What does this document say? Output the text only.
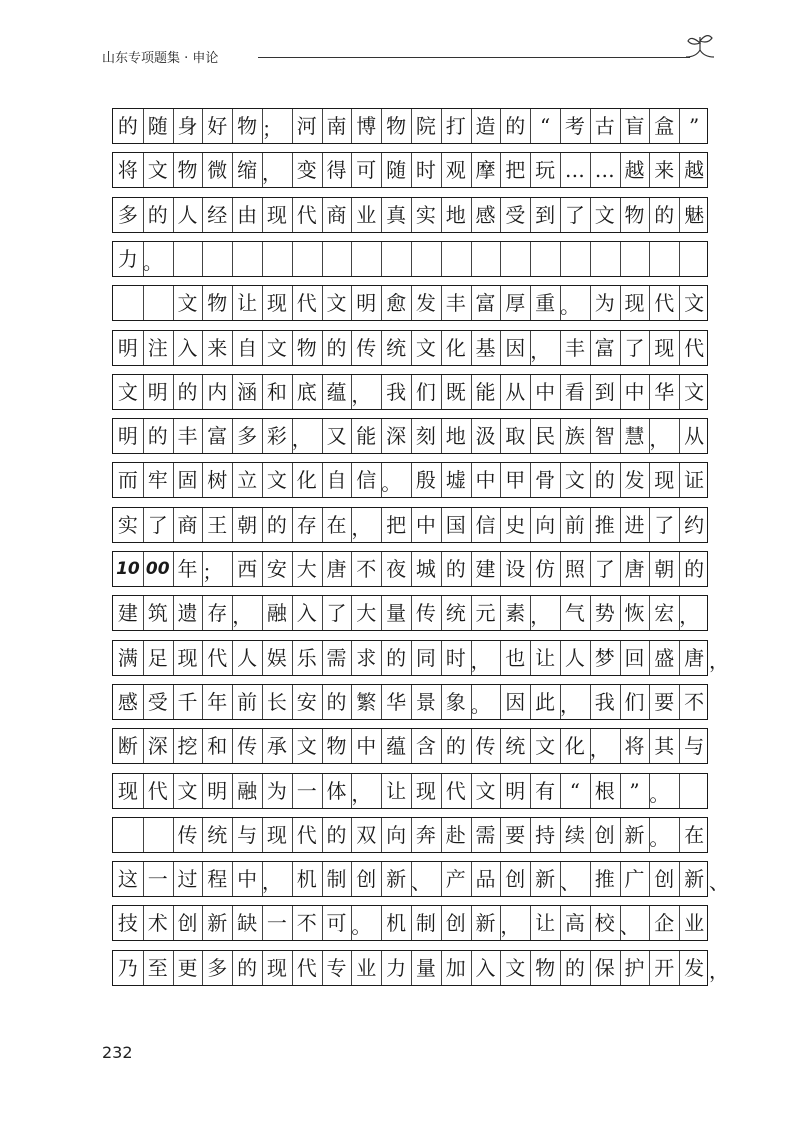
山东专项题集 · 申论
的 随 身 好 物 ； 河 南 博 物 院 打 造 的 “ 考 古 盲 盒 ”
将 文 物 微 缩 ， 变 得 可 随 时 观 摩 把 玩 … … 越 来 越
多 的 人 经 由 现 代 商 业 真 实 地 感 受 到 了 文 物 的 魅
力 。
文 物 让 现 代 文 明 愈 发 丰 富 厚 重 。 为 现 代 文
明 注 入 来 自 文 物 的 传 统 文 化 基 因 ， 丰 富 了 现 代
文 明 的 内 涵 和 底 蕴 ， 我 们 既 能 从 中 看 到 中 华 文
明 的 丰 富 多 彩 ， 又 能 深 刻 地 汲 取 民 族 智 慧 ， 从
而 牢 固 树 立 文 化 自 信 。 殷 墟 中 甲 骨 文 的 发 现 证
实 了 商 王 朝 的 存 在 ， 把 中 国 信 史 向 前 推 进 了 约
10 00 年 ； 西 安 大 唐 不 夜 城 的 建 设 仿 照 了 唐 朝 的
建 筑 遗 存 ， 融 入 了 大 量 传 统 元 素 ， 气 势 恢 宏 ，
满 足 现 代 人 娱 乐 需 求 的 同 时 ， 也 让 人 梦 回 盛 唐 ，
感 受 千 年 前 长 安 的 繁 华 景 象 。 因 此 ， 我 们 要 不
断 深 挖 和 传 承 文 物 中 蕴 含 的 传 统 文 化 ， 将 其 与
现 代 文 明 融 为 一 体 ， 让 现 代 文 明 有 “ 根 ” 。
传 统 与 现 代 的 双 向 奔 赴 需 要 持 续 创 新 。 在
这 一 过 程 中 ， 机 制 创 新 、 产 品 创 新 、 推 广 创 新 、
技 术 创 新 缺 一 不 可 。 机 制 创 新 ， 让 高 校 、 企 业
乃 至 更 多 的 现 代 专 业 力 量 加 入 文 物 的 保 护 开 发 ，
232
